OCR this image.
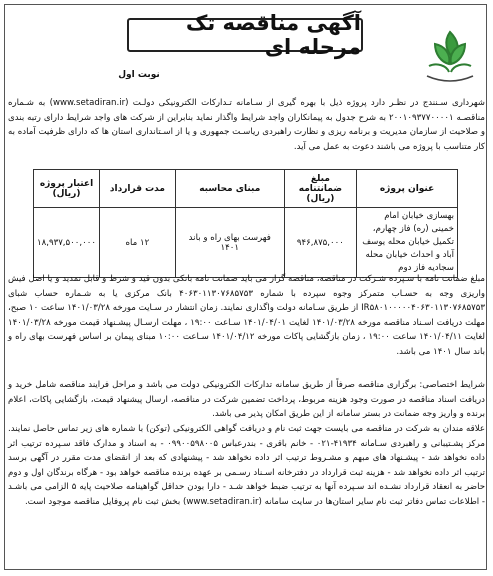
آگهی مناقصه تک مرحله ای
نوبت اول
شهرداری سـنندج در نظـر دارد پروژه ذیل با بهره گیری از سـامانه تـدارکات الکترونیکی دولـت (www.setadiran.ir) به شـماره مناقصـه ۲۰۰۱۰۹۳۷۷۰۰۰۰۱ به شرح جدول به پیمانکاران واجد شرایط واگذار نماید بنابراین از شرکت های واجد شرایط دارای رتبه بندی و صلاحیت از سازمان مدیریت و برنامه ریزی و نظارت راهبردی ریاسـت جمهوری و یا از اسـتانداری استان ها که دارای ظرفیت آماده به کار متناسب با پروژه می باشند دعوت به عمل می آید.
عنوان پروژه	مبلغ ضمانتنامه (ریال)	مبنای محاسبه	مدت قرارداد	اعتبار پروژه (ریال)
بهسازی خیابان امام خمینی (ره) فاز چهارم، تکمیل خیابان محله یوسف آباد و احداث خیابان محله سجادیه فاز دوم	۹۴۶,۸۷۵,۰۰۰	فهرست بهای راه و باند ۱۴۰۱	۱۲ ماه	۱۸,۹۳۷,۵۰۰,۰۰۰
مبلغ ضمانت نامه با سـپرده شـرکت در مناقصه، مناقصه گزار می باید ضمانت نامه بانکی بدون قید و شرط و قابل تمدید و یا اصل فیش واریزی وجه به حسـاب متمرکز وجوه سپرده با شماره ۴۰۶۳۰۱۱۳۰۷۶۸۵۷۵۳ بانک مرکزی یا به شـماره حساب شبای IR۵۸۰۱۰۰۰۰۰۴۰۶۳۰۱۱۳۰۷۶۸۵۷۵۳ از طریق سـامانه دولت واگذاری نمایند. زمان انتشار در سـایت مورخه ۱۴۰۱/۰۳/۲۸ ساعت ۱۰ صبح، مهلت دریافت اسـناد مناقصه مورخه ۱۴۰۱/۰۳/۲۸ لغایت ۱۴۰۱/۰۴/۰۱ سـاعت ۱۹:۰۰ ، مهلت ارسـال پیشـنهاد قیمت مورخه ۱۴۰۱/۰۳/۲۸ لغایت ۱۴۰۱/۰۴/۱۱ ساعت ۱۹:۰۰ ، زمان بازگشایی پاکات مورخه ۱۴۰۱/۰۴/۱۲ سـاعت ۱۰:۰۰ مبنای پیمان بر اساس فهرست بهای راه و باند سال ۱۴۰۱ می باشد.
شرایط اختصاصی: برگزاری مناقصه صرفاً از طریق سامانه تدارکات الکترونیکی دولت می باشد و مراحل فرایند مناقصه شامل خرید و دریافت اسناد مناقصه در صورت وجود هزینه مربوط، پرداخت تضمین شرکت در مناقصه، ارسال پیشنهاد قیمت، بازگشایی پاکات، اعلام برنده و واریز وجه ضمانت در بستر سامانه از این طریق امکان پذیر می باشد.
علاقه مندان به شرکت در مناقصه می بایست جهت ثبت نام و دریافت گواهی الکترونیکی (توکن) با شماره های زیر تماس حاصل نمایند. مرکز پشـتیبانی و راهبردی سـامانه ۴۱۹۳۴-۰۲۱ - خانم باقری - بندرعباس ۰۹۹۰۰۵۹۸۰۰۵ - به اسناد و مدارک فاقد سـپرده ترتیب اثر داده نخواهد شد - پیشـنهاد های مبهم و مشـروط ترتیب اثر داده نخواهد شد - پیشنهادی که بعد از انقضای مدت مقرر در آگهی برسد ترتیب اثر داده نخواهد شد - هزینه ثبت قرارداد در دفترخانه اسـناد رسـمی بر عهده برنده مناقصه خواهد بود - هرگاه برندگان اول و دوم حاضر به انعقاد قرارداد نشـده اند سـپرده آنها به ترتیب ضبط خواهد شـد - دارا بودن حداقل گواهینامه صلاحیت پایه ۵ الزامی می باشـد - اطلاعات تماس دفاتر ثبت نام سایر استان‌ها در سایت سامانه (www.setadiran.ir) بخش ثبت نام پروفایل مناقصه موجود است.
